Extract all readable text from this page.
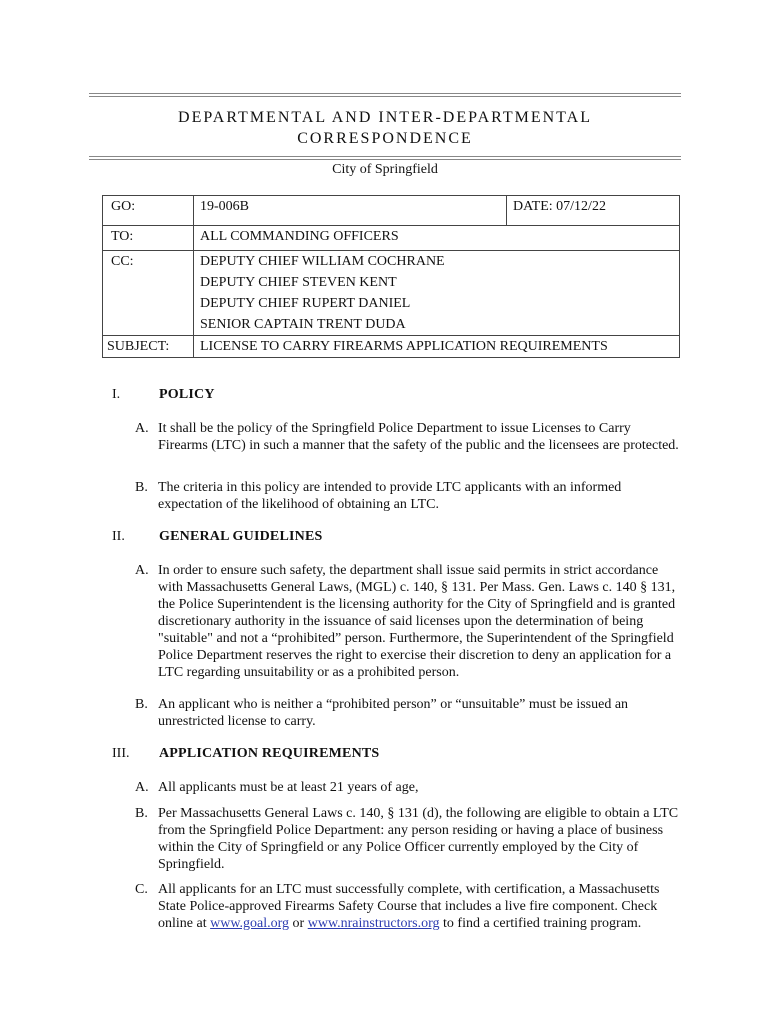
DEPARTMENTAL AND INTER-DEPARTMENTAL
CORRESPONDENCE
City of Springfield
GO:	19-006B	DATE: 07/12/22
TO:	ALL COMMANDING OFFICERS	
CC:	DEPUTY CHIEF WILLIAM COCHRANE
DEPUTY CHIEF STEVEN KENT
DEPUTY CHIEF RUPERT DANIEL
SENIOR CAPTAIN TRENT DUDA	

SUBJECT:	LICENSE TO CARRY FIREARMS APPLICATION REQUIREMENTS	
I.	POLICY
A. It shall be the policy of the Springfield Police Department to issue Licenses to Carry Firearms (LTC) in such a manner that the safety of the public and the licensees are protected.
B. The criteria in this policy are intended to provide LTC applicants with an informed expectation of the likelihood of obtaining an LTC.
II.	GENERAL GUIDELINES
A. In order to ensure such safety, the department shall issue said permits in strict accordance with Massachusetts General Laws, (MGL) c. 140, § 131. Per Mass. Gen. Laws c. 140 § 131, the Police Superintendent is the licensing authority for the City of Springfield and is granted discretionary authority in the issuance of said licenses upon the determination of being "suitable" and not a “prohibited” person. Furthermore, the Superintendent of the Springfield Police Department reserves the right to exercise their discretion to deny an application for a LTC regarding unsuitability or as a prohibited person.
B. An applicant who is neither a “prohibited person” or “unsuitable” must be issued an unrestricted license to carry.
III.	APPLICATION REQUIREMENTS
A. All applicants must be at least 21 years of age,
B. Per Massachusetts General Laws c. 140, § 131 (d), the following are eligible to obtain a LTC from the Springfield Police Department: any person residing or having a place of business within the City of Springfield or any Police Officer currently employed by the City of Springfield.
C. All applicants for an LTC must successfully complete, with certification, a Massachusetts State Police-approved Firearms Safety Course that includes a live fire component. Check online at www.goal.org or www.nrainstructors.org to find a certified training program.
